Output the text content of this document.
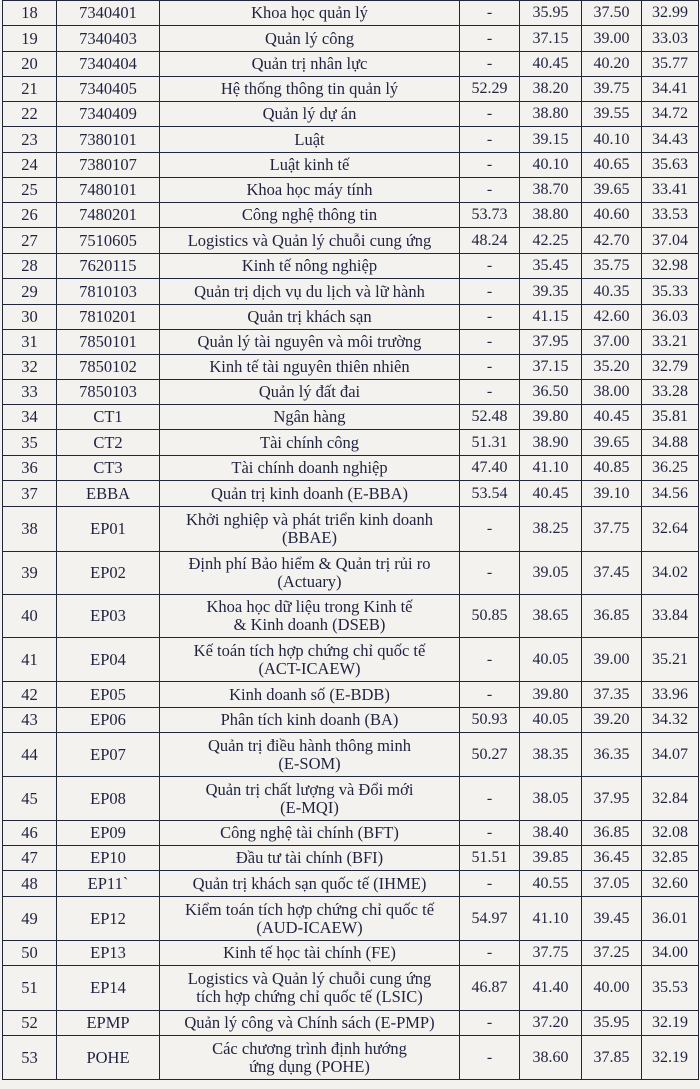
18	7340401	Khoa học quản lý	-	35.95	37.50	32.99
19	7340403	Quản lý công	-	37.15	39.00	33.03
20	7340404	Quản trị nhân lực	-	40.45	40.20	35.77
21	7340405	Hệ thống thông tin quản lý	52.29	38.20	39.75	34.41
22	7340409	Quản lý dự án	-	38.80	39.55	34.72
23	7380101	Luật	-	39.15	40.10	34.43
24	7380107	Luật kinh tế	-	40.10	40.65	35.63
25	7480101	Khoa học máy tính	-	38.70	39.65	33.41
26	7480201	Công nghệ thông tin	53.73	38.80	40.60	33.53
27	7510605	Logistics và Quản lý chuỗi cung ứng	48.24	42.25	42.70	37.04
28	7620115	Kinh tế nông nghiệp	-	35.45	35.75	32.98
29	7810103	Quản trị dịch vụ du lịch và lữ hành	-	39.35	40.35	35.33
30	7810201	Quản trị khách sạn	-	41.15	42.60	36.03
31	7850101	Quản lý tài nguyên và môi trường	-	37.95	37.00	33.21
32	7850102	Kinh tế tài nguyên thiên nhiên	-	37.15	35.20	32.79
33	7850103	Quản lý đất đai	-	36.50	38.00	33.28
34	CT1	Ngân hàng	52.48	39.80	40.45	35.81
35	CT2	Tài chính công	51.31	38.90	39.65	34.88
36	CT3	Tài chính doanh nghiệp	47.40	41.10	40.85	36.25
37	EBBA	Quản trị kinh doanh (E-BBA)	53.54	40.45	39.10	34.56
38	EP01	Khởi nghiệp và phát triển kinh doanh
(BBAE)	-	38.25	37.75	32.64
39	EP02	Định phí Bảo hiểm & Quản trị rủi ro
(Actuary)	-	39.05	37.45	34.02
40	EP03	Khoa học dữ liệu trong Kinh tế
& Kinh doanh (DSEB)	50.85	38.65	36.85	33.84
41	EP04	Kế toán tích hợp chứng chỉ quốc tế
(ACT-ICAEW)	-	40.05	39.00	35.21
42	EP05	Kinh doanh số (E-BDB)	-	39.80	37.35	33.96
43	EP06	Phân tích kinh doanh (BA)	50.93	40.05	39.20	34.32
44	EP07	Quản trị điều hành thông minh
(E-SOM)	50.27	38.35	36.35	34.07
45	EP08	Quản trị chất lượng và Đổi mới
(E-MQI)	-	38.05	37.95	32.84
46	EP09	Công nghệ tài chính (BFT)	-	38.40	36.85	32.08
47	EP10	Đầu tư tài chính (BFI)	51.51	39.85	36.45	32.85
48	EP11`	Quản trị khách sạn quốc tế (IHME)	-	40.55	37.05	32.60
49	EP12	Kiểm toán tích hợp chứng chỉ quốc tế
(AUD-ICAEW)	54.97	41.10	39.45	36.01
50	EP13	Kinh tế học tài chính (FE)	-	37.75	37.25	34.00
51	EP14	Logistics và Quản lý chuỗi cung ứng
tích hợp chứng chỉ quốc tế (LSIC)	46.87	41.40	40.00	35.53
52	EPMP	Quản lý công và Chính sách (E-PMP)	-	37.20	35.95	32.19
53	POHE	Các chương trình định hướng
ứng dụng (POHE)	-	38.60	37.85	32.19
